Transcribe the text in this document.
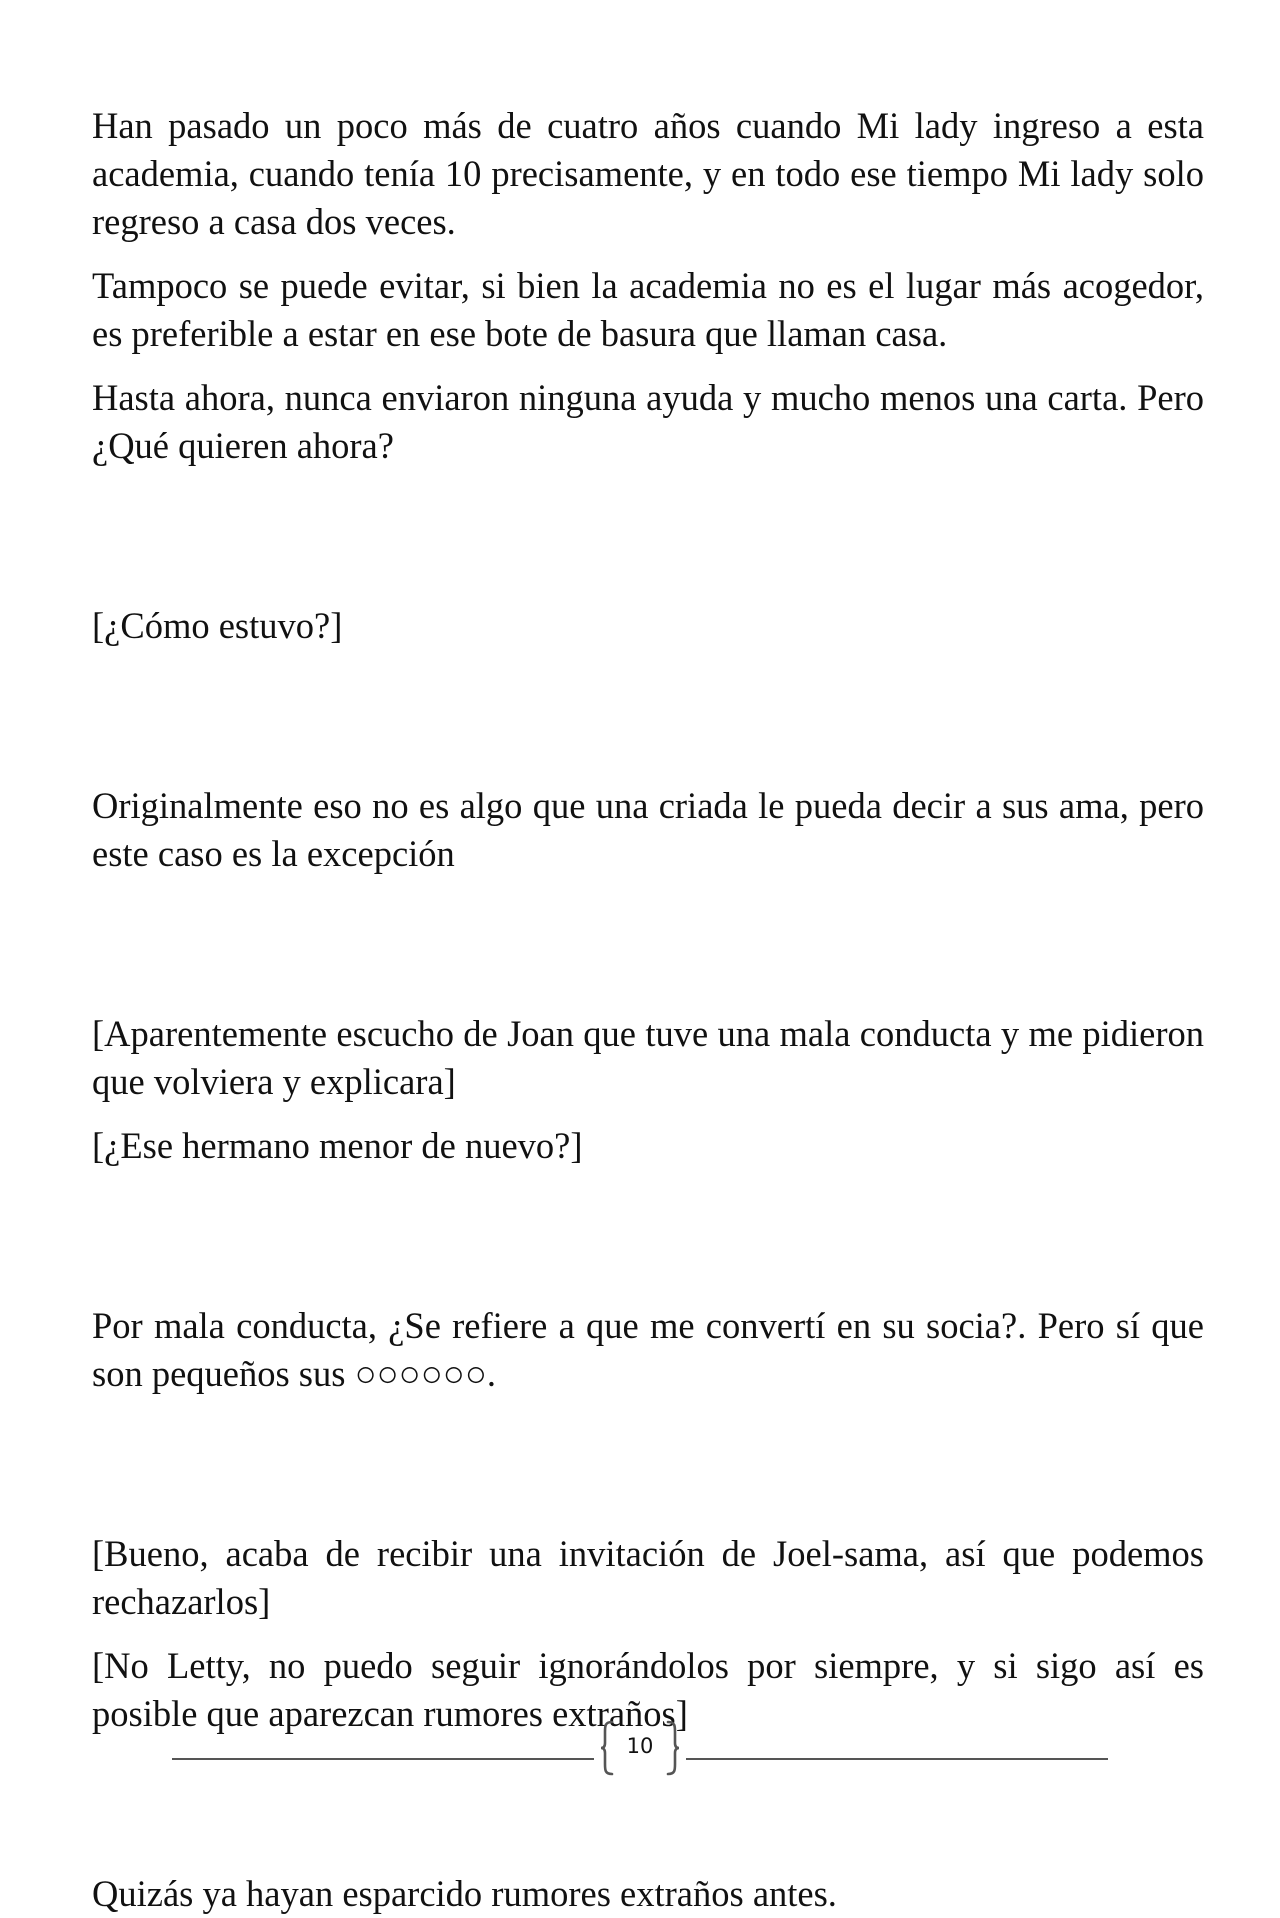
Han pasado un poco más de cuatro años cuando Mi lady ingreso a esta academia, cuando tenía 10 precisamente, y en todo ese tiempo Mi lady solo regreso a casa dos veces.

Tampoco se puede evitar, si bien la academia no es el lugar más acogedor, es preferible a estar en ese bote de basura que llaman casa.

Hasta ahora, nunca enviaron ninguna ayuda y mucho menos una carta. Pero ¿Qué quieren ahora?

[¿Cómo estuvo?]

Originalmente eso no es algo que una criada le pueda decir a sus ama, pero este caso es la excepción

[Aparentemente escucho de Joan que tuve una mala conducta y me pidieron que volviera y explicara]

[¿Ese hermano menor de nuevo?]

Por mala conducta, ¿Se refiere a que me convertí en su socia?. Pero sí que son pequeños sus ○○○○○○.

[Bueno, acaba de recibir una invitación de Joel-sama, así que podemos rechazarlos]

[No Letty, no puedo seguir ignorándolos por siempre, y si sigo así es posible que aparezcan rumores extraños]

Quizás ya hayan esparcido rumores extraños antes.

10
